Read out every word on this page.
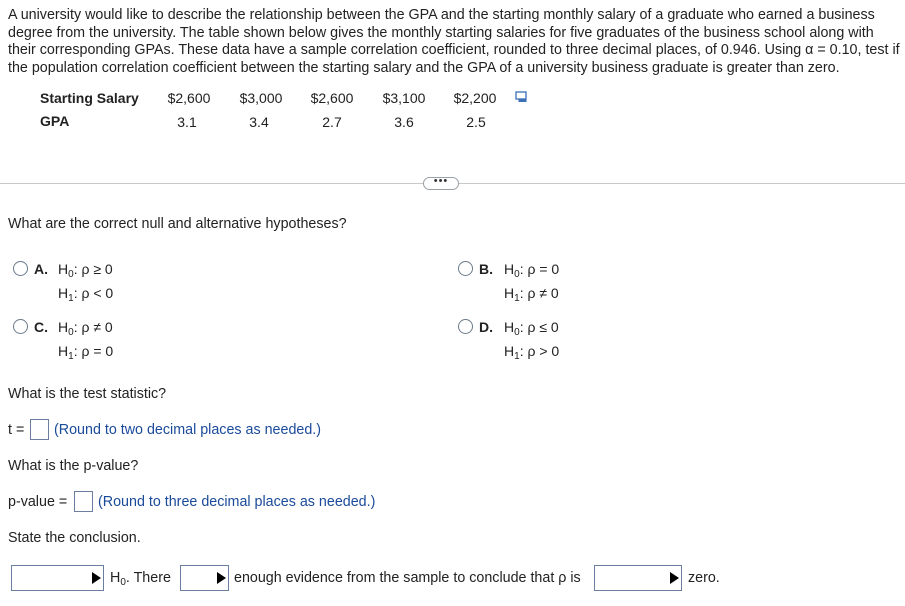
A university would like to describe the relationship between the GPA and the starting monthly salary of a graduate who earned a business degree from the university. The table shown below gives the monthly starting salaries for five graduates of the business school along with their corresponding GPAs. These data have a sample correlation coefficient, rounded to three decimal places, of 0.946. Using α = 0.10, test if the population correlation coefficient between the starting salary and the GPA of a university business graduate is greater than zero.
Starting Salary	$2,600	$3,000	$2,600	$3,100	$2,200
GPA	3.1	3.4	2.7	3.6	2.5
•••
What are the correct null and alternative hypotheses?
A. $H_0$: ρ ≥ 0
$H_1$: ρ < 0
B. $H_0$: ρ = 0
$H_1$: ρ ≠ 0
C. $H_0$: ρ ≠ 0
$H_1$: ρ = 0
D. $H_0$: ρ ≤ 0
$H_1$: ρ > 0
What is the test statistic?
t = (Round to two decimal places as needed.)
What is the p-value?
p-value = (Round to three decimal places as needed.)
State the conclusion.
$H_0$. There	enough evidence from the sample to conclude that ρ is	zero.
